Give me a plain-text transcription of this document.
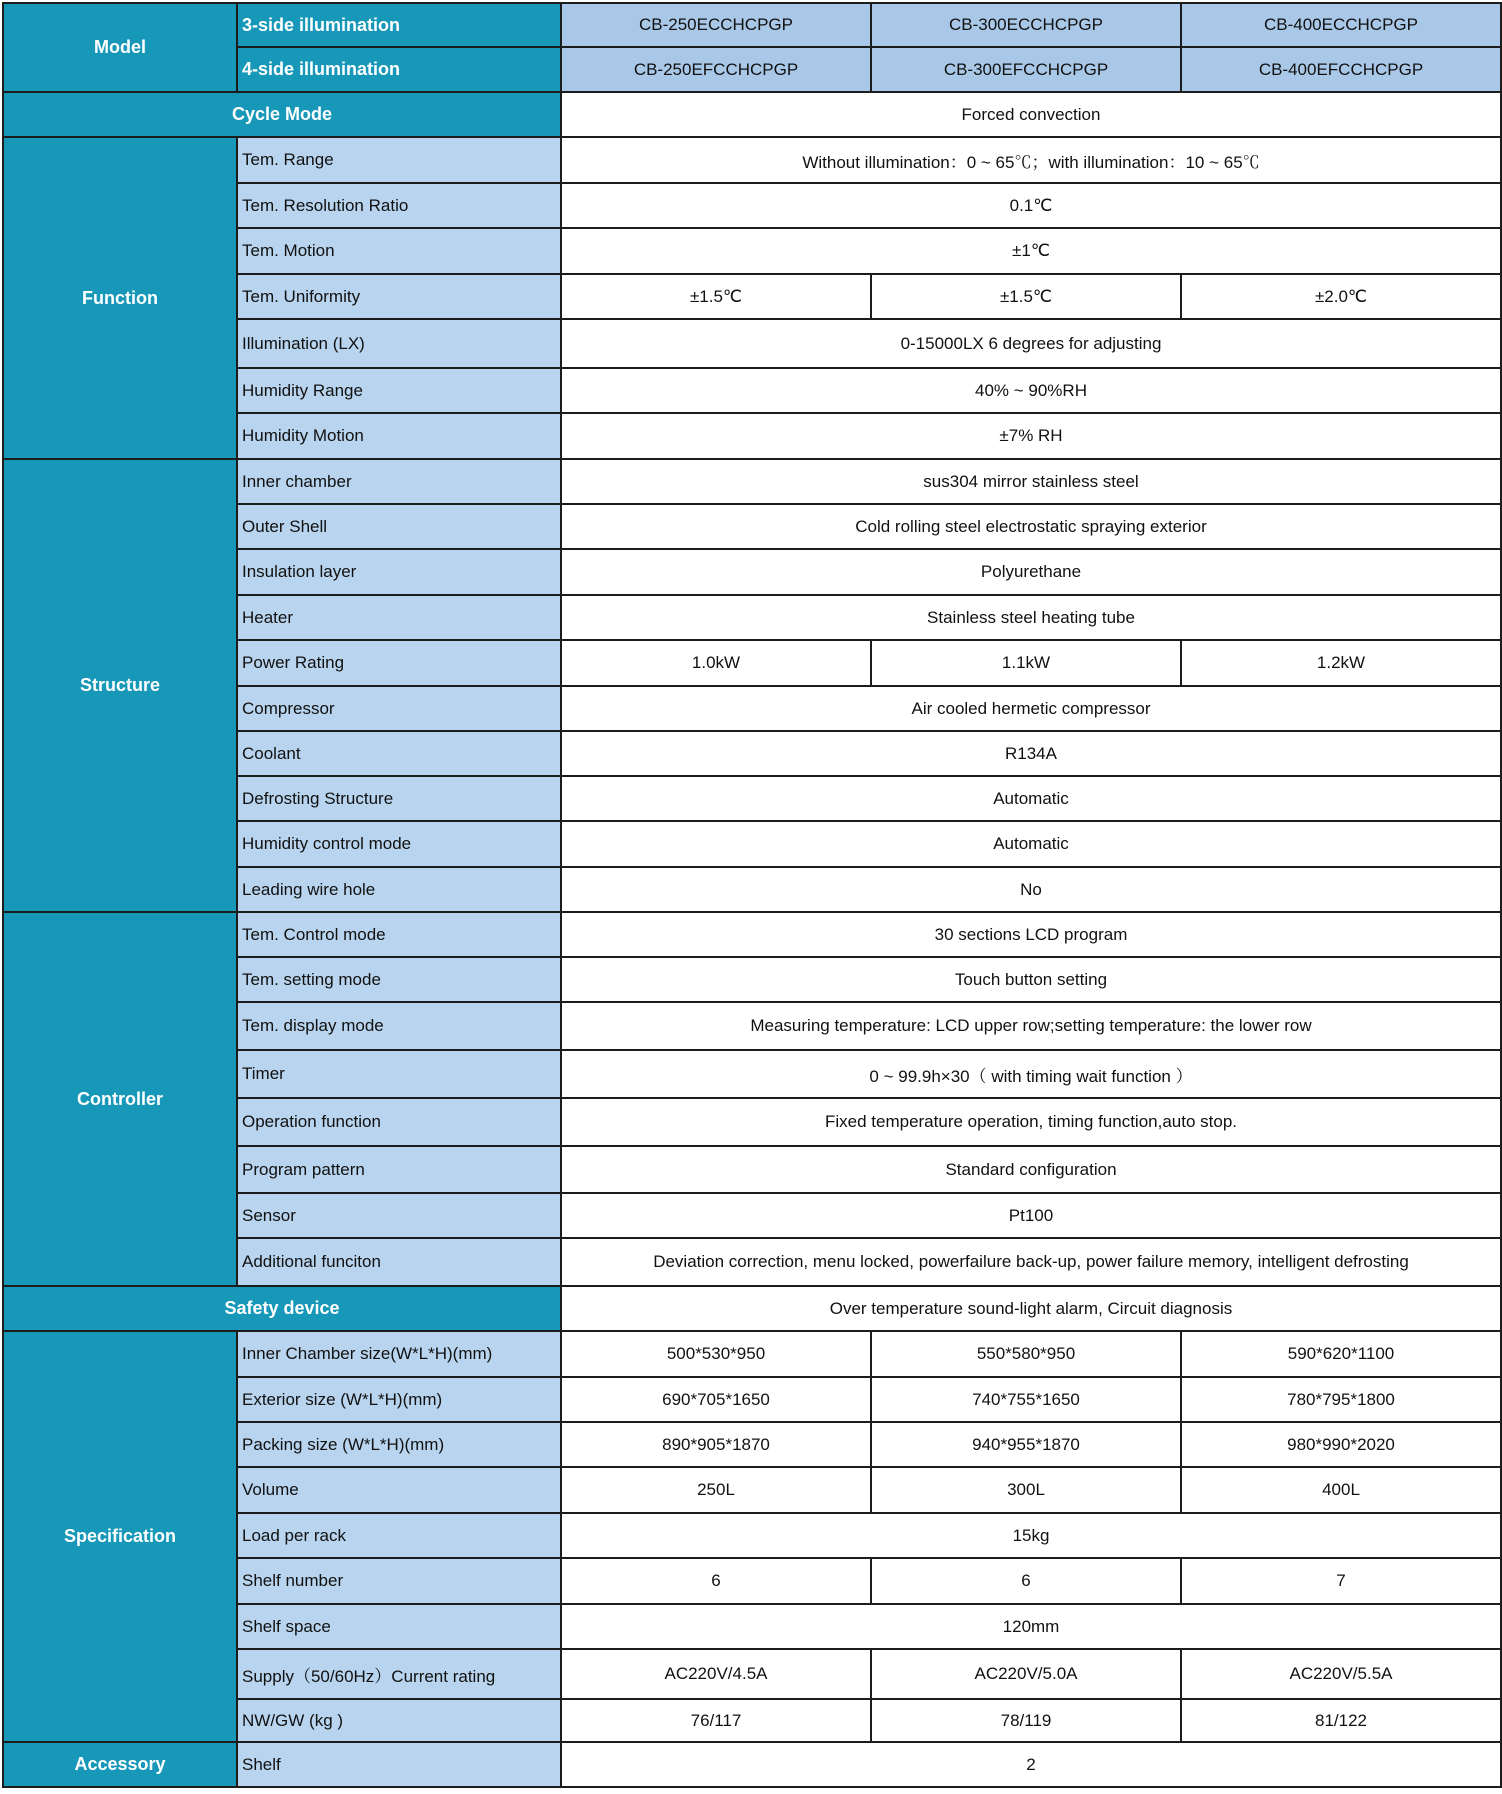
Model	3-side illumination	CB-250ECCHCPGP	CB-300ECCHCPGP	CB-400ECCHCPGP
	4-side illumination	CB-250EFCCHCPGP	CB-300EFCCHCPGP	CB-400EFCCHCPGP
Cycle Mode		Forced convection		
Function	Tem. Range	Without illumination：0 ~ 65℃；with illumination：10 ~ 65℃		
	Tem. Resolution Ratio	0.1℃		
	Tem. Motion	±1℃		
	Tem. Uniformity	±1.5℃	±1.5℃	±2.0℃
	Illumination (LX)	0-15000LX 6 degrees for adjusting		
	Humidity Range	40% ~ 90%RH		
	Humidity Motion	±7% RH		
Structure	Inner chamber	sus304 mirror stainless steel		
	Outer Shell	Cold rolling steel electrostatic spraying exterior		
	Insulation layer	Polyurethane		
	Heater	Stainless steel heating tube		
	Power Rating	1.0kW	1.1kW	1.2kW
	Compressor	Air cooled hermetic compressor		
	Coolant	R134A		
	Defrosting Structure	Automatic		
	Humidity control mode	Automatic		
	Leading wire hole	No		
Controller	Tem. Control mode	30 sections LCD program		
	Tem. setting mode	Touch button setting		
	Tem. display mode	Measuring temperature: LCD upper row;setting temperature: the lower row		
	Timer	0 ~ 99.9h×30（ with timing wait function ）		
	Operation function	Fixed temperature operation, timing function,auto stop.		
	Program pattern	Standard configuration		
	Sensor	Pt100		
	Additional funciton	Deviation correction, menu locked, powerfailure back-up, power failure memory, intelligent defrosting		
Safety device		Over temperature sound-light alarm, Circuit diagnosis		
Specification	Inner Chamber size(W*L*H)(mm)	500*530*950	550*580*950	590*620*1100
	Exterior size (W*L*H)(mm)	690*705*1650	740*755*1650	780*795*1800
	Packing size (W*L*H)(mm)	890*905*1870	940*955*1870	980*990*2020
	Volume	250L	300L	400L
	Load per rack	15kg		
	Shelf number	6	6	7
	Shelf space	120mm		
	Supply（50/60Hz）Current rating	AC220V/4.5A	AC220V/5.0A	AC220V/5.5A
	NW/GW (kg )	76/117	78/119	81/122
Accessory	Shelf	2		
